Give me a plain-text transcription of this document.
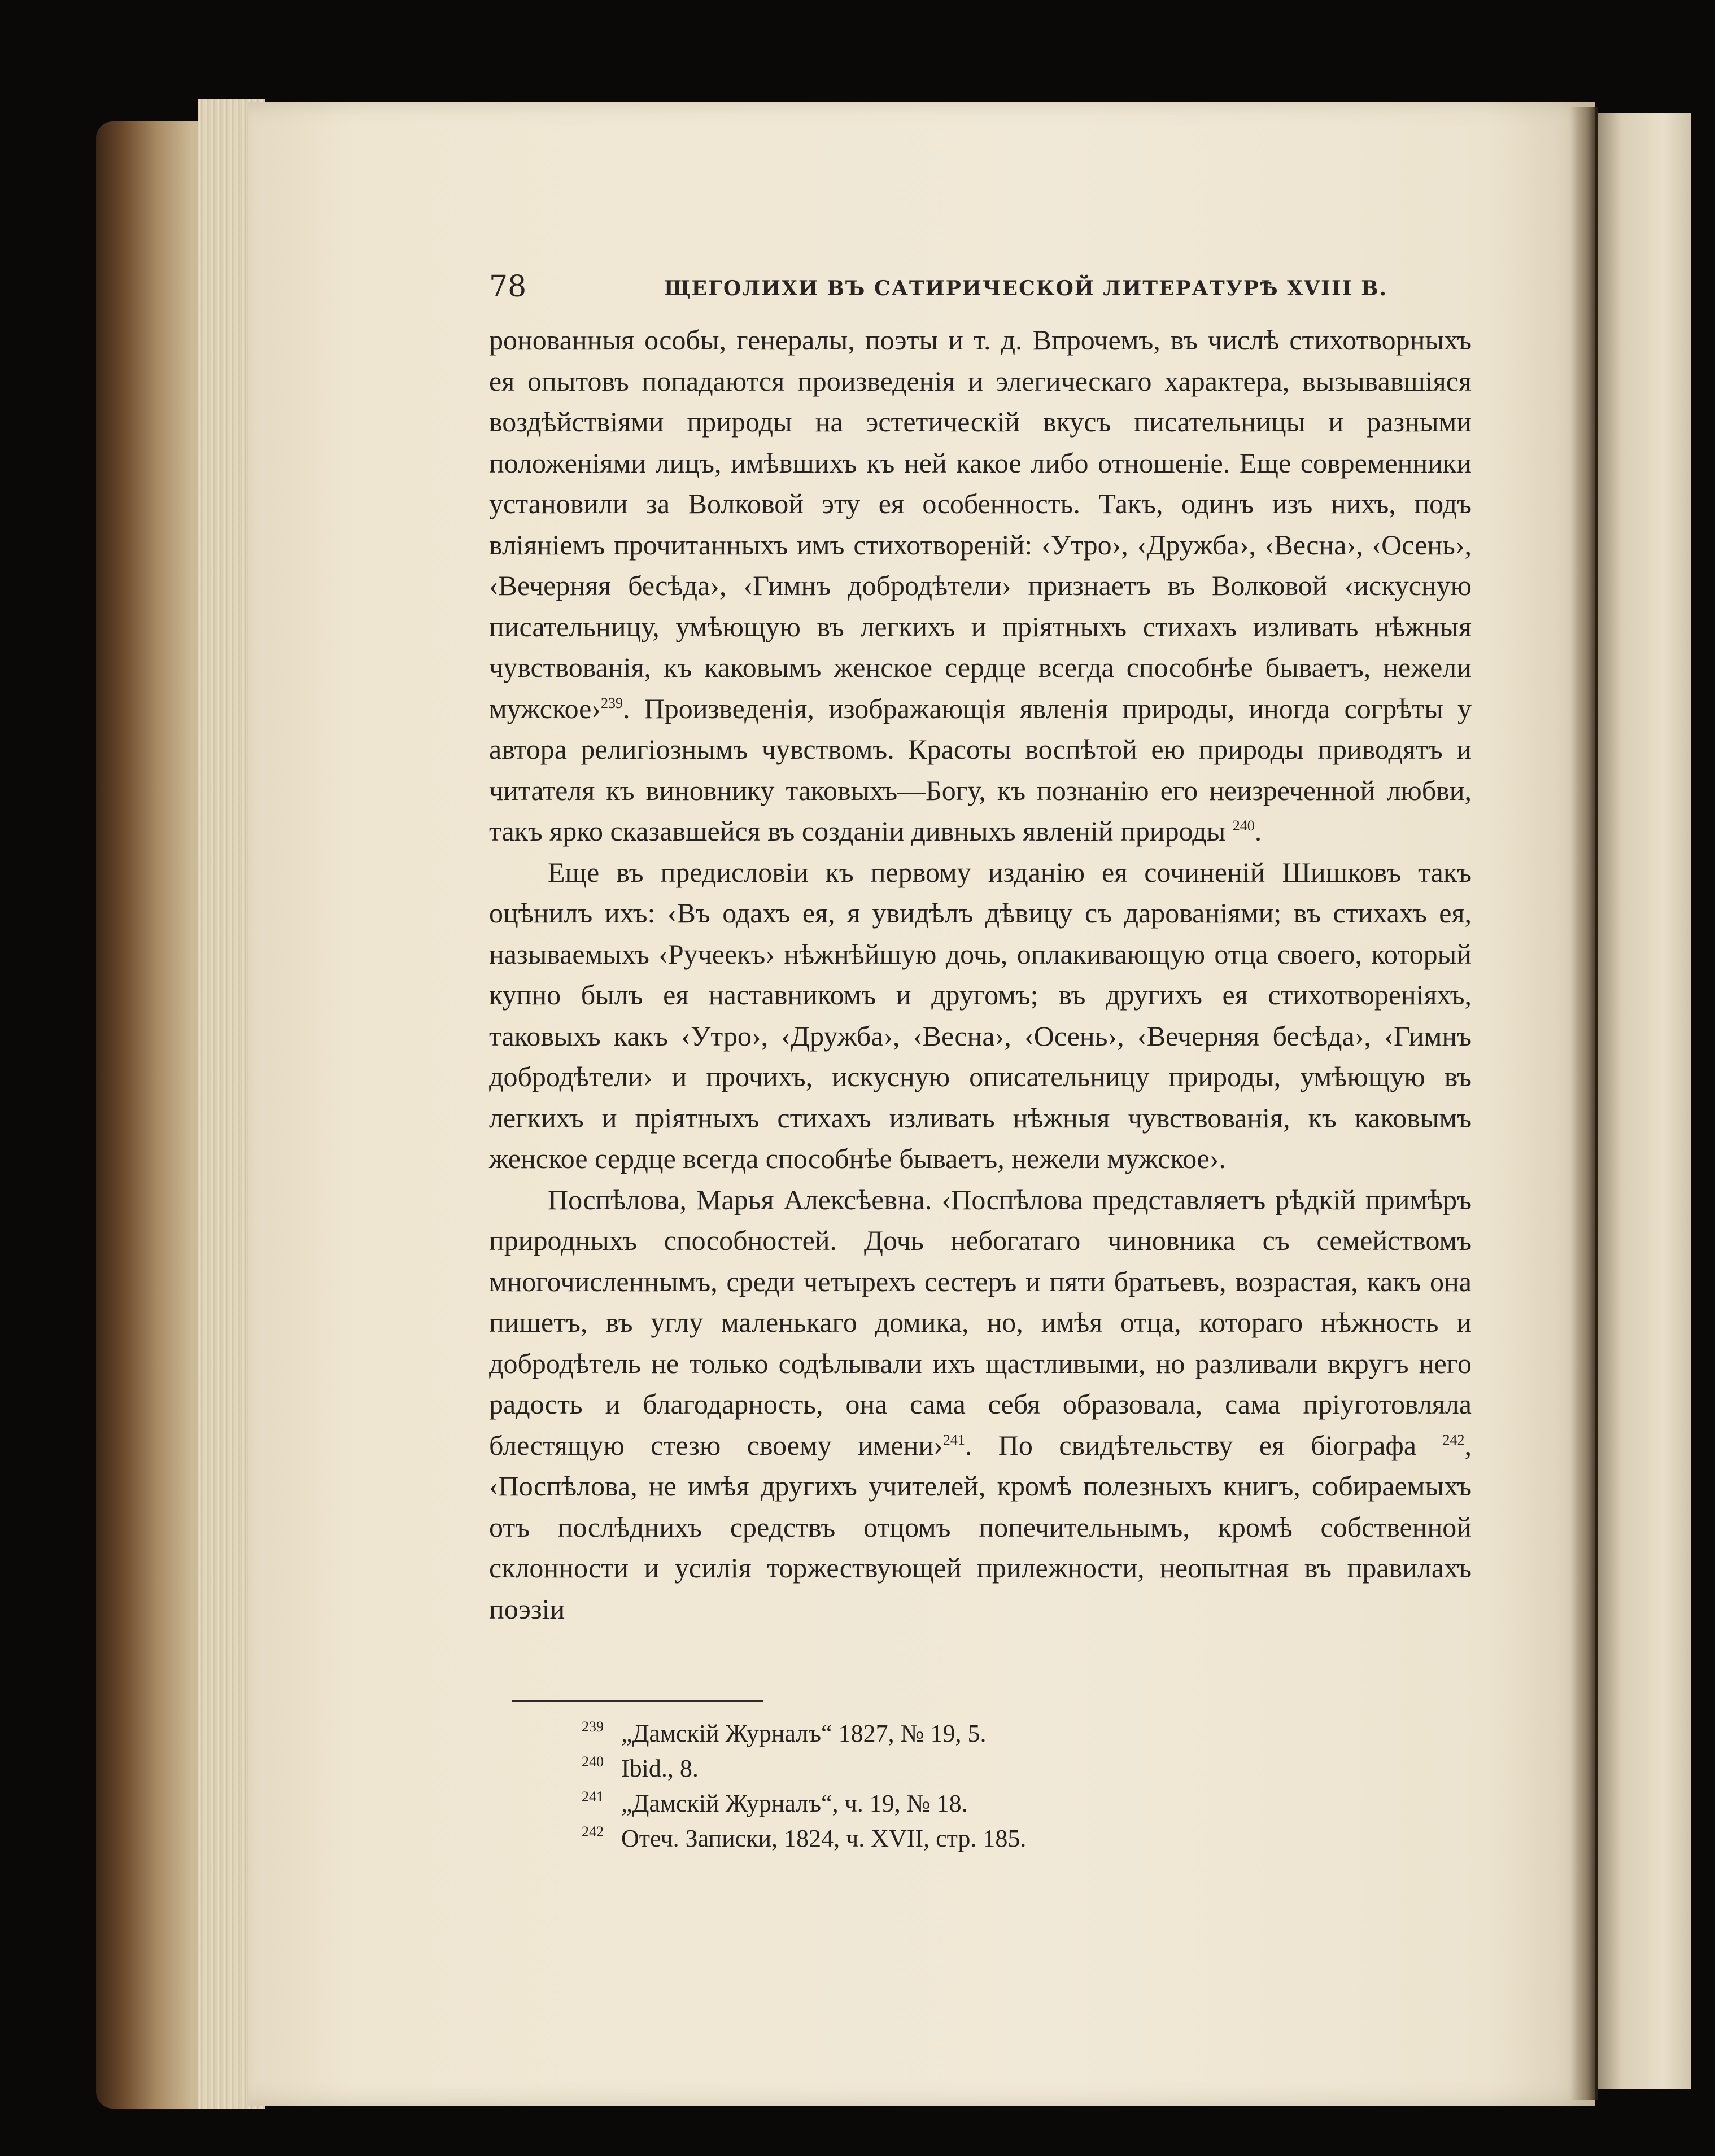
78	ЩЕГОЛИХИ ВЪ САТИРИЧЕСКОЙ ЛИТЕРАТУРѢ XVIII В.

ронованныя особы, генералы, поэты и т. д. Впрочемъ, въ числѣ стихотворныхъ ея опытовъ попадаются произведенія и элегическаго характера, вызывавшіяся воздѣйствіями природы на эстетическій вкусъ писательницы и разными положеніями лицъ, имѣвшихъ къ ней какое либо отношеніе. Еще современники установили за Волковой эту ея особенность. Такъ, одинъ изъ нихъ, подъ вліяніемъ прочитанныхъ имъ стихотвореній: ‹Утро›, ‹Дружба›, ‹Весна›, ‹Осень›, ‹Вечерняя бесѣда›, ‹Гимнъ добродѣтели› признаетъ въ Волковой ‹искусную писательницу, умѣющую въ легкихъ и пріятныхъ стихахъ изливать нѣжныя чувствованія, къ каковымъ женское сердце всегда способнѣе бываетъ, нежели мужское›$^{239}$. Произведенія, изображающія явленія природы, иногда согрѣты у автора религіознымъ чувствомъ. Красоты воспѣтой ею природы приводятъ и читателя къ виновнику таковыхъ—Богу, къ познанію его неизреченной любви, такъ ярко сказавшейся въ созданіи дивныхъ явленій природы $^{240}$.

Еще въ предисловіи къ первому изданію ея сочиненій Шишковъ такъ оцѣнилъ ихъ: ‹Въ одахъ ея, я увидѣлъ дѣвицу съ дарованіями; въ стихахъ ея, называемыхъ ‹Ручеекъ› нѣжнѣйшую дочь, оплакивающую отца своего, который купно былъ ея наставникомъ и другомъ; въ другихъ ея стихотвореніяхъ, таковыхъ какъ ‹Утро›, ‹Дружба›, ‹Весна›, ‹Осень›, ‹Вечерняя бесѣда›, ‹Гимнъ добродѣтели› и прочихъ, искусную описательницу природы, умѣющую въ легкихъ и пріятныхъ стихахъ изливать нѣжныя чувствованія, къ каковымъ женское сердце всегда способнѣе бываетъ, нежели мужское›.

Поспѣлова, Марья Алексѣевна. ‹Поспѣлова представляетъ рѣдкій примѣръ природныхъ способностей. Дочь небогатаго чиновника съ семействомъ многочисленнымъ, среди четырехъ сестеръ и пяти братьевъ, возрастая, какъ она пишетъ, въ углу маленькаго домика, но, имѣя отца, котораго нѣжность и добродѣтель не только содѣлывали ихъ щастливыми, но разливали вкругъ него радость и благодарность, она сама себя образовала, сама пріуготовляла блестящую стезю своему имени›$^{241}$. По свидѣтельству ея біографа $^{242}$, ‹Поспѣлова, не имѣя другихъ учителей, кромѣ полезныхъ книгъ, собираемыхъ отъ послѣднихъ средствъ отцомъ попечительнымъ, кромѣ собственной склонности и усилія торжествующей прилежности, неопытная въ правилахъ поэзіи

$^{239}$ „Дамскій Журналъ“ 1827, № 19, 5.
$^{240}$ Ibid., 8.
$^{241}$ „Дамскій Журналъ“, ч. 19, № 18.
$^{242}$ Отеч. Записки, 1824, ч. XVII, стр. 185.
